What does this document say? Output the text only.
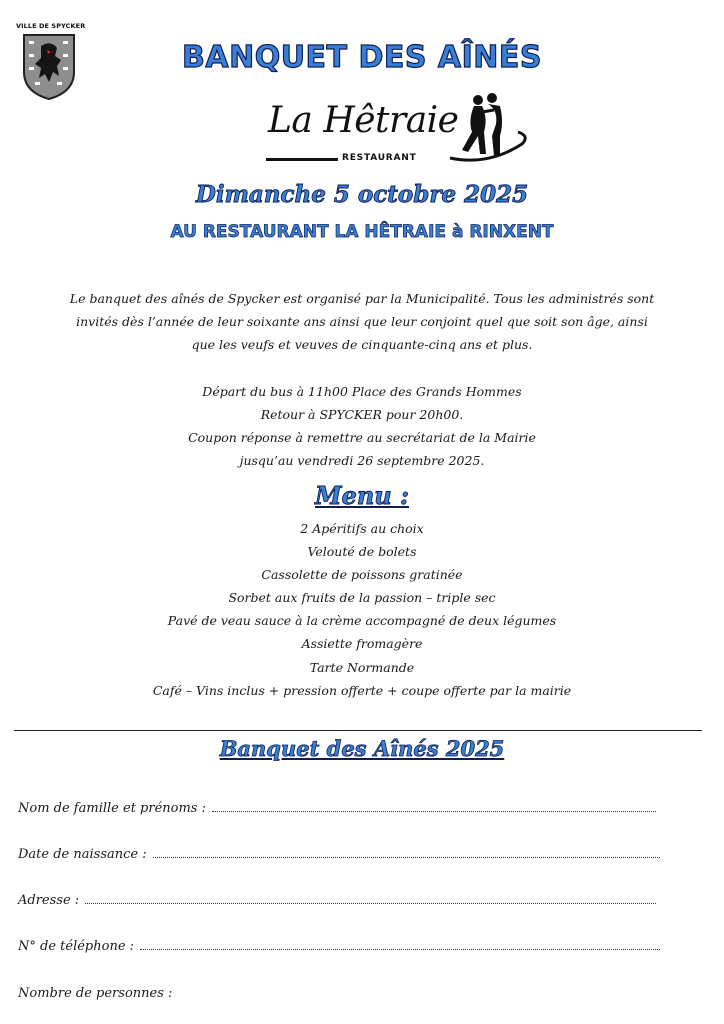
VILLE DE SPYCKER
BANQUET DES AÎNÉS
La Hêtraie
RESTAURANT
Dimanche 5 octobre 2025
AU RESTAURANT LA HÊTRAIE à RINXENT
Le banquet des aînés de Spycker est organisé par la Municipalité. Tous les administrés sont
invités dès l’année de leur soixante ans ainsi que leur conjoint quel que soit son âge, ainsi
que les veufs et veuves de cinquante-cinq ans et plus.
Départ du bus à 11h00 Place des Grands Hommes
Retour à SPYCKER pour 20h00.
Coupon réponse à remettre au secrétariat de la Mairie
jusqu’au vendredi 26 septembre 2025.
Menu :
2 Apéritifs au choix
Velouté de bolets
Cassolette de poissons gratinée
Sorbet aux fruits de la passion – triple sec
Pavé de veau sauce à la crème accompagné de deux légumes
Assiette fromagère
Tarte Normande
Café – Vins inclus + pression offerte + coupe offerte par la mairie
Banquet des Aînés 2025
Nom de famille et prénoms :
Date de naissance :
Adresse :
N° de téléphone :
Nombre de personnes :
